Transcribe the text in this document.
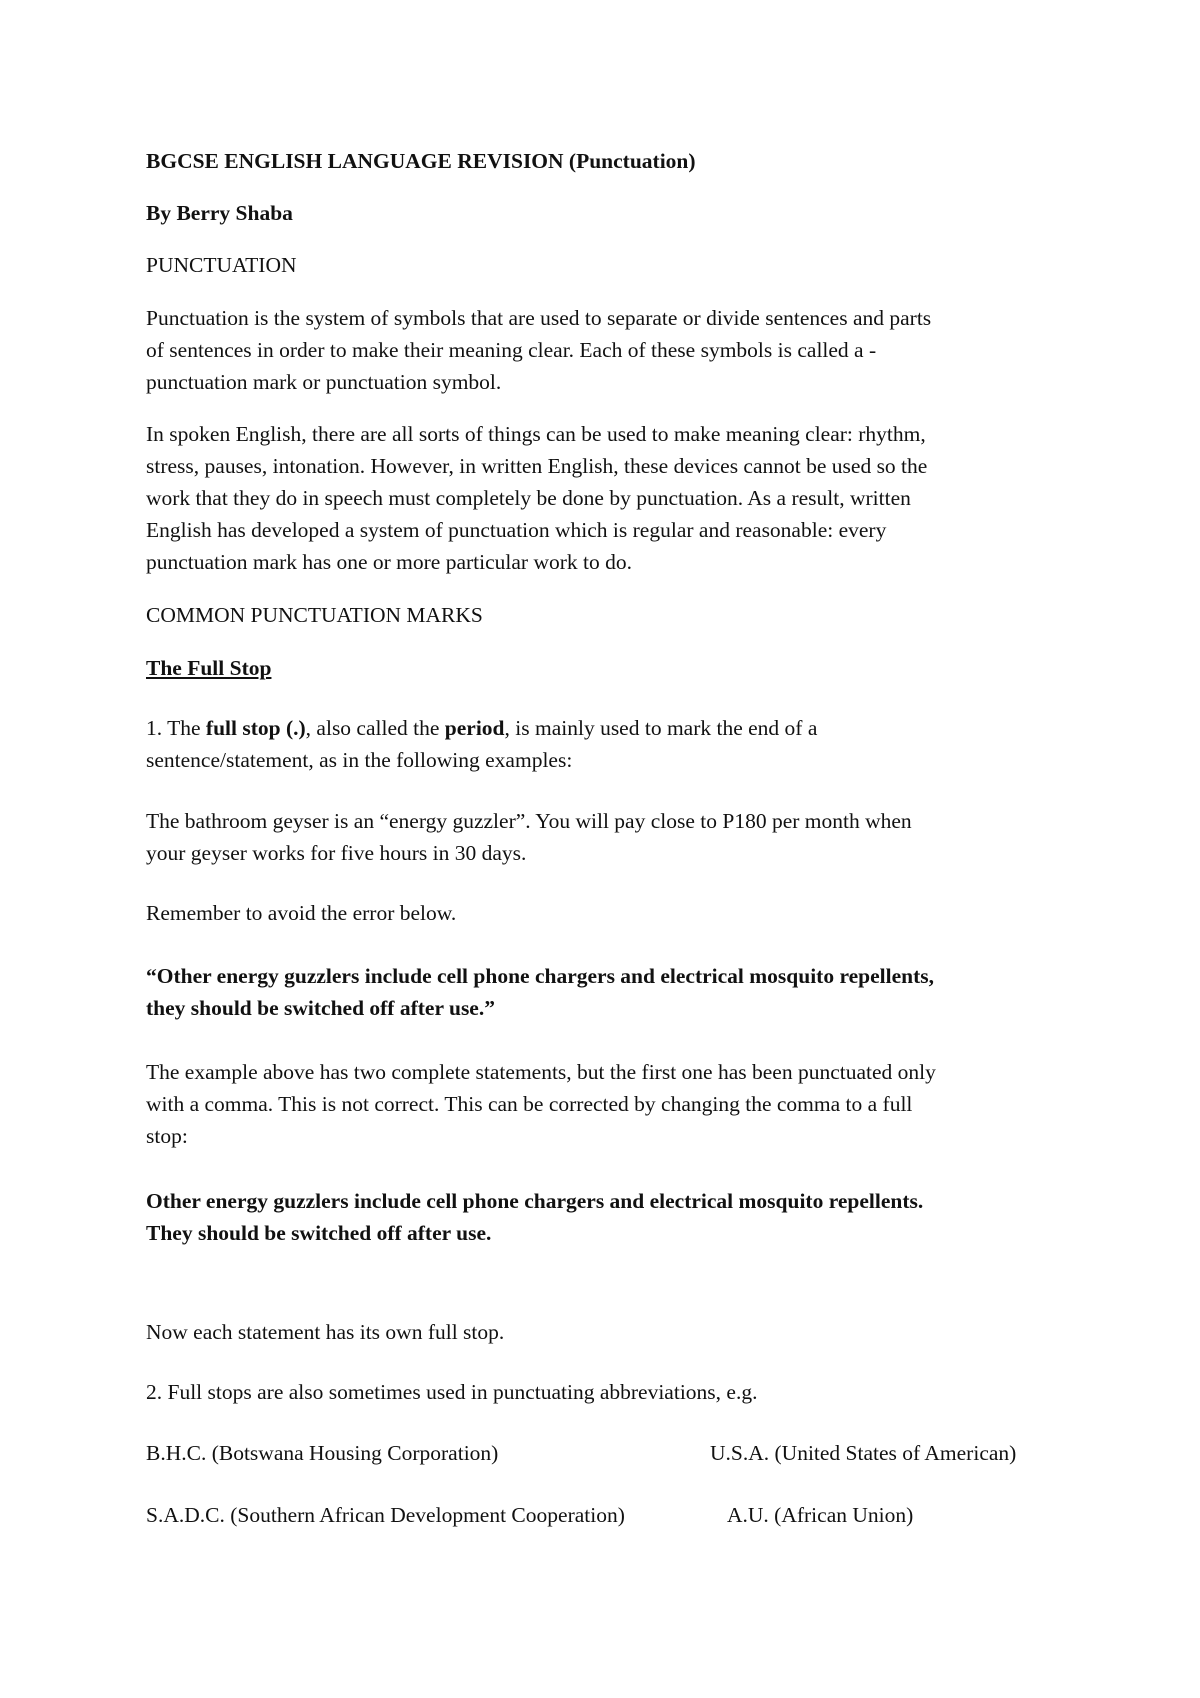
BGCSE ENGLISH LANGUAGE REVISION (Punctuation)
By Berry Shaba
PUNCTUATION
Punctuation is the system of symbols that are used to separate or divide sentences and parts
of sentences in order to make their meaning clear. Each of these symbols is called a -
punctuation mark or punctuation symbol.
In spoken English, there are all sorts of things can be used to make meaning clear: rhythm,
stress, pauses, intonation. However, in written English, these devices cannot be used so the
work that they do in speech must completely be done by punctuation. As a result, written
English has developed a system of punctuation which is regular and reasonable: every
punctuation mark has one or more particular work to do.
COMMON PUNCTUATION MARKS
The Full Stop
1. The full stop (.), also called the period, is mainly used to mark the end of a
sentence/statement, as in the following examples:
The bathroom geyser is an “energy guzzler”. You will pay close to P180 per month when
your geyser works for five hours in 30 days.
Remember to avoid the error below.
“Other energy guzzlers include cell phone chargers and electrical mosquito repellents,
they should be switched off after use.”
The example above has two complete statements, but the first one has been punctuated only
with a comma. This is not correct. This can be corrected by changing the comma to a full
stop:
Other energy guzzlers include cell phone chargers and electrical mosquito repellents.
They should be switched off after use.
Now each statement has its own full stop.
2. Full stops are also sometimes used in punctuating abbreviations, e.g.
B.H.C. (Botswana Housing Corporation)	U.S.A. (United States of American)
S.A.D.C. (Southern African Development Cooperation)	A.U. (African Union)
